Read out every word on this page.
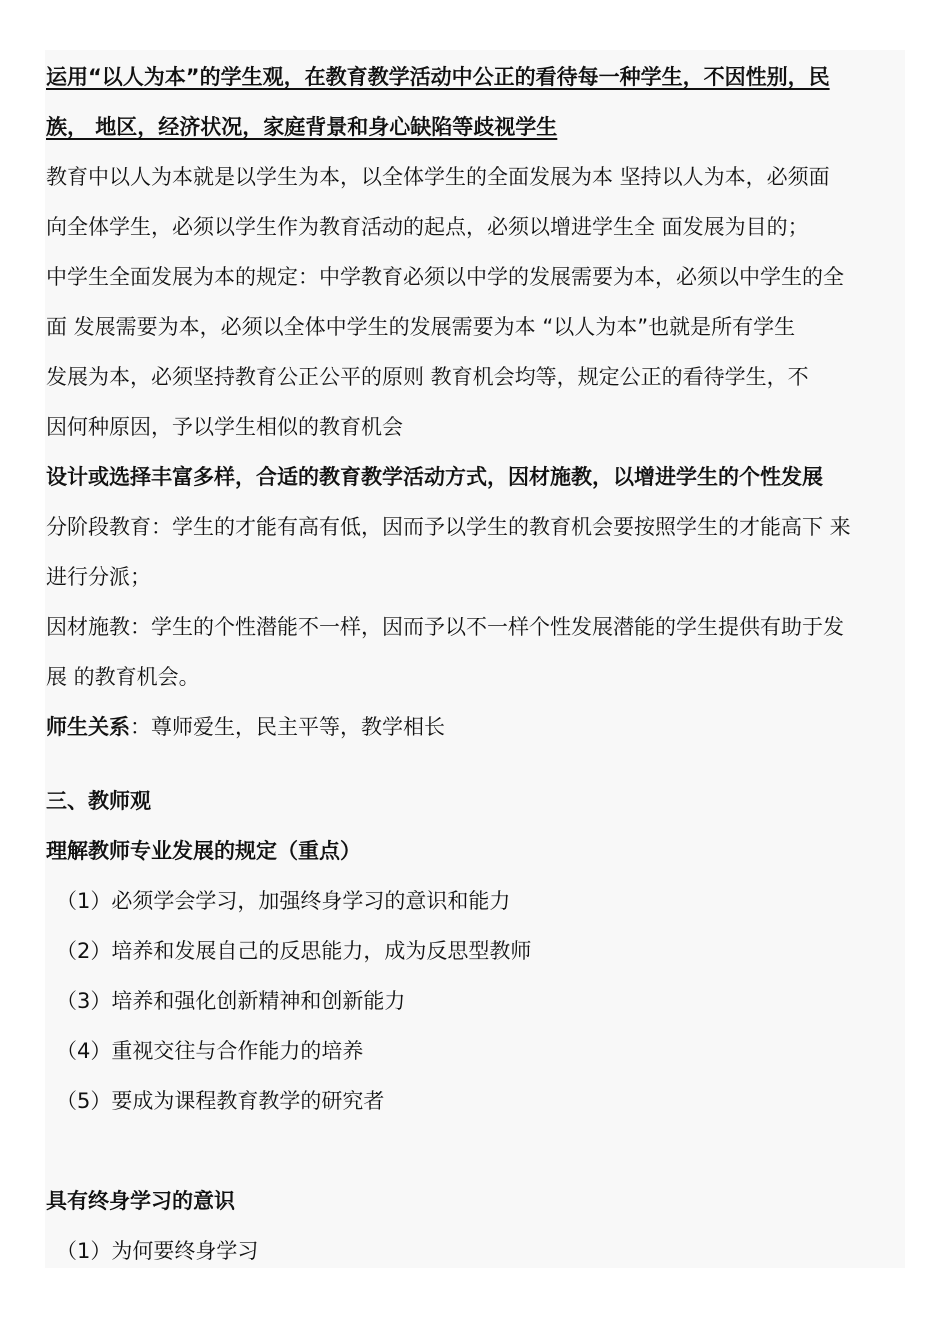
运用“以人为本”的学生观，在教育教学活动中公正的看待每一种学生，不因性别，民
族， 地区，经济状况，家庭背景和身心缺陷等歧视学生
教育中以人为本就是以学生为本，以全体学生的全面发展为本 坚持以人为本，必须面
向全体学生，必须以学生作为教育活动的起点，必须以增进学生全 面发展为目的；
中学生全面发展为本的规定：中学教育必须以中学的发展需要为本，必须以中学生的全
面 发展需要为本，必须以全体中学生的发展需要为本 “以人为本”也就是所有学生
发展为本，必须坚持教育公正公平的原则 教育机会均等，规定公正的看待学生，不
因何种原因，予以学生相似的教育机会
设计或选择丰富多样，合适的教育教学活动方式，因材施教，以增进学生的个性发展
分阶段教育：学生的才能有高有低，因而予以学生的教育机会要按照学生的才能高下 来
进行分派；
因材施教：学生的个性潜能不一样，因而予以不一样个性发展潜能的学生提供有助于发
展 的教育机会。
师生关系：尊师爱生，民主平等，教学相长
三、教师观
理解教师专业发展的规定（重点）
（1）必须学会学习，加强终身学习的意识和能力
（2）培养和发展自己的反思能力，成为反思型教师
（3）培养和强化创新精神和创新能力
（4）重视交往与合作能力的培养
（5）要成为课程教育教学的研究者
具有终身学习的意识
（1）为何要终身学习
